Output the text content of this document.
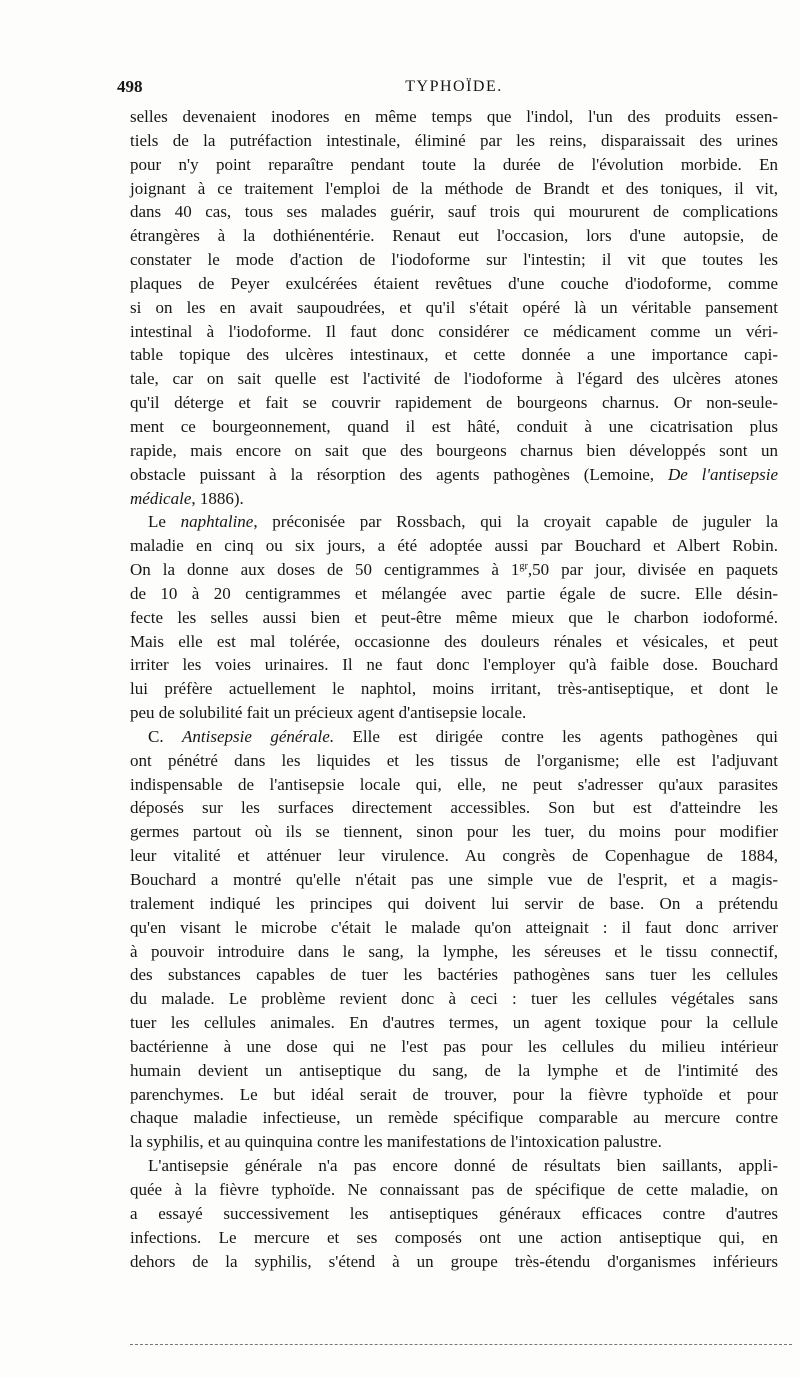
498	TYPHOÏDE.
selles devenaient inodores en même temps que l'indol, l'un des produits essen-
tiels de la putréfaction intestinale, éliminé par les reins, disparaissait des urines
pour n'y point reparaître pendant toute la durée de l'évolution morbide. En
joignant à ce traitement l'emploi de la méthode de Brandt et des toniques, il vit,
dans 40 cas, tous ses malades guérir, sauf trois qui moururent de complications
étrangères à la dothiénentérie. Renaut eut l'occasion, lors d'une autopsie, de
constater le mode d'action de l'iodoforme sur l'intestin; il vit que toutes les
plaques de Peyer exulcérées étaient revêtues d'une couche d'iodoforme, comme
si on les en avait saupoudrées, et qu'il s'était opéré là un véritable pansement
intestinal à l'iodoforme. Il faut donc considérer ce médicament comme un véri-
table topique des ulcères intestinaux, et cette donnée a une importance capi-
tale, car on sait quelle est l'activité de l'iodoforme à l'égard des ulcères atones
qu'il déterge et fait se couvrir rapidement de bourgeons charnus. Or non-seule-
ment ce bourgeonnement, quand il est hâté, conduit à une cicatrisation plus
rapide, mais encore on sait que des bourgeons charnus bien développés sont un
obstacle puissant à la résorption des agents pathogènes (Lemoine, De l'antisepsie
médicale, 1886).
Le naphtaline, préconisée par Rossbach, qui la croyait capable de juguler la
maladie en cinq ou six jours, a été adoptée aussi par Bouchard et Albert Robin.
On la donne aux doses de 50 centigrammes à $1^{gr},50$ par jour, divisée en paquets
de 10 à 20 centigrammes et mélangée avec partie égale de sucre. Elle désin-
fecte les selles aussi bien et peut-être même mieux que le charbon iodoformé.
Mais elle est mal tolérée, occasionne des douleurs rénales et vésicales, et peut
irriter les voies urinaires. Il ne faut donc l'employer qu'à faible dose. Bouchard
lui préfère actuellement le naphtol, moins irritant, très-antiseptique, et dont le
peu de solubilité fait un précieux agent d'antisepsie locale.
C. Antisepsie générale. Elle est dirigée contre les agents pathogènes qui
ont pénétré dans les liquides et les tissus de l'organisme; elle est l'adjuvant
indispensable de l'antisepsie locale qui, elle, ne peut s'adresser qu'aux parasites
déposés sur les surfaces directement accessibles. Son but est d'atteindre les
germes partout où ils se tiennent, sinon pour les tuer, du moins pour modifier
leur vitalité et atténuer leur virulence. Au congrès de Copenhague de 1884,
Bouchard a montré qu'elle n'était pas une simple vue de l'esprit, et a magis-
tralement indiqué les principes qui doivent lui servir de base. On a prétendu
qu'en visant le microbe c'était le malade qu'on atteignait : il faut donc arriver
à pouvoir introduire dans le sang, la lymphe, les séreuses et le tissu connectif,
des substances capables de tuer les bactéries pathogènes sans tuer les cellules
du malade. Le problème revient donc à ceci : tuer les cellules végétales sans
tuer les cellules animales. En d'autres termes, un agent toxique pour la cellule
bactérienne à une dose qui ne l'est pas pour les cellules du milieu intérieur
humain devient un antiseptique du sang, de la lymphe et de l'intimité des
parenchymes. Le but idéal serait de trouver, pour la fièvre typhoïde et pour
chaque maladie infectieuse, un remède spécifique comparable au mercure contre
la syphilis, et au quinquina contre les manifestations de l'intoxication palustre.
L'antisepsie générale n'a pas encore donné de résultats bien saillants, appli-
quée à la fièvre typhoïde. Ne connaissant pas de spécifique de cette maladie, on
a essayé successivement les antiseptiques généraux efficaces contre d'autres
infections. Le mercure et ses composés ont une action antiseptique qui, en
dehors de la syphilis, s'étend à un groupe très-étendu d'organismes inférieurs
